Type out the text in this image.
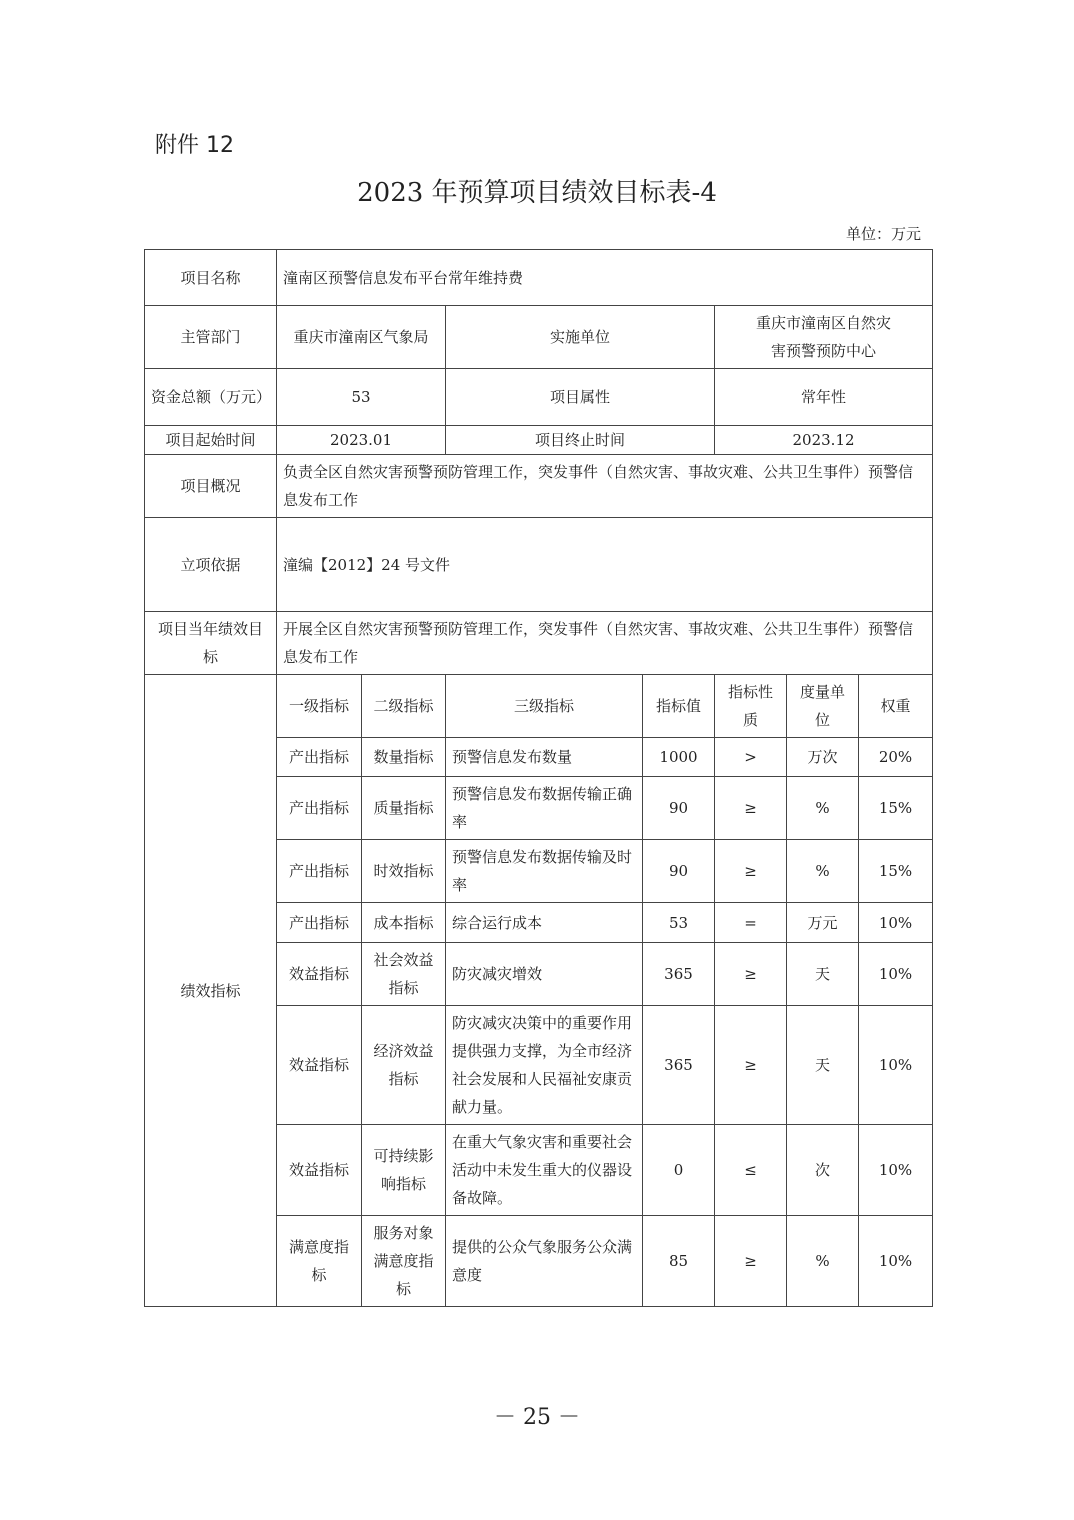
附件 12
2023 年预算项目绩效目标表-4
单位：万元
项目名称	潼南区预警信息发布平台常年维持费						
主管部门	重庆市潼南区气象局		实施单位		重庆市潼南区自然灾害预警预防中心		
资金总额（万元）	53		项目属性		常年性		
项目起始时间	2023.01		项目终止时间		2023.12		
项目概况	负责全区自然灾害预警预防管理工作，突发事件（自然灾害、事故灾难、公共卫生事件）预警信息发布工作						
立项依据	潼编【2012】24 号文件						
项目当年绩效目标	开展全区自然灾害预警预防管理工作，突发事件（自然灾害、事故灾难、公共卫生事件）预警信息发布工作						
绩效指标	一级指标	二级指标	三级指标	指标值	指标性质	度量单位	权重
	产出指标	数量指标	预警信息发布数量	1000	>	万次	20%
	产出指标	质量指标	预警信息发布数据传输正确率	90	≥	%	15%
	产出指标	时效指标	预警信息发布数据传输及时率	90	≥	%	15%
	产出指标	成本指标	综合运行成本	53	=	万元	10%
	效益指标	社会效益指标	防灾减灾增效	365	≥	天	10%
	效益指标	经济效益指标	防灾减灾决策中的重要作用提供强力支撑，为全市经济社会发展和人民福祉安康贡献力量。	365	≥	天	10%
	效益指标	可持续影响指标	在重大气象灾害和重要社会活动中未发生重大的仪器设备故障。	0	≤	次	10%
	满意度指标	服务对象满意度指标	提供的公众气象服务公众满意度	85	≥	%	10%
－ 25 －
